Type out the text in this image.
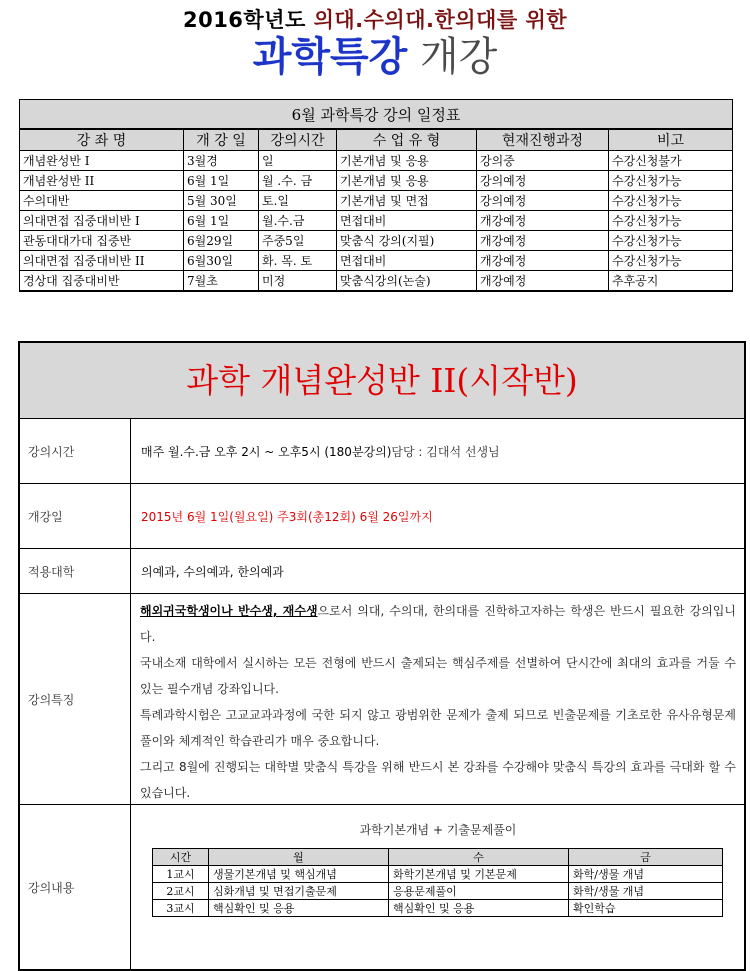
2016학년도 의대.수의대.한의대를 위한
과학특강 개강
6월 과학특강 강의 일정표					
강 좌 명	개 강 일	강의시간	수 업 유 형	현재진행과정	비고
개념완성반 I	3월경	일	기본개념 및 응용	강의중	수강신청불가
개념완성반 II	6월 1일	월 .수. 금	기본개념 및 응용	강의예정	수강신청가능
수의대반	5월 30일	토.일	기본개념 및 면접	강의예정	수강신청가능
의대면접 집중대비반 I	6월 1일	월.수.금	면접대비	개강예정	수강신청가능
관동대대가대 집중반	6월29일	주중5일	맞춤식 강의(지필)	개강예정	수강신청가능
의대면접 집중대비반 II	6월30일	화. 목. 토	면접대비	개강예정	수강신청가능
경상대 집중대비반	7월초	미정	맞춤식강의(논술)	개강예정	추후공지
과학 개념완성반 II(시작반)
강의시간	매주 월.수.금 오후 2시 ~ 오후5시 (180분강의) 담당 : 김대석 선생님
개강일	2015년 6월 1일(월요일) 주3회(총12회) 6월 26일까지
적용대학	의예과, 수의예과, 한의예과
강의특징
해외귀국학생이나 반수생, 재수생으로서 의대, 수의대, 한의대를 진학하고자하는 학생은 반드시 필요한 강의입니다.
국내소재 대학에서 실시하는 모든 전형에 반드시 출제되는 핵심주제를 선별하여 단시간에 최대의 효과를 거둘 수 있는 필수개념 강좌입니다.
특례과학시험은 고교교과과정에 국한 되지 않고 광범위한 문제가 출제 되므로 빈출문제를 기초로한 유사유형문제풀이와 체계적인 학습관리가 매우 중요합니다.
그리고 8월에 진행되는 대학별 맞춤식 특강을 위해 반드시 본 강좌를 수강해야 맞춤식 특강의 효과를 극대화 할 수 있습니다.
강의내용
과학기본개념 + 기출문제풀이
시간	월	수	금
1교시	생물기본개념 및 핵심개념	화학기본개념 및 기본문제	화학/생물 개념
2교시	심화개념 및 면접기출문제	응용문제풀이	화학/생물 개념
3교시	핵심확인 및 응용	핵심확인 및 응용	확인학습
